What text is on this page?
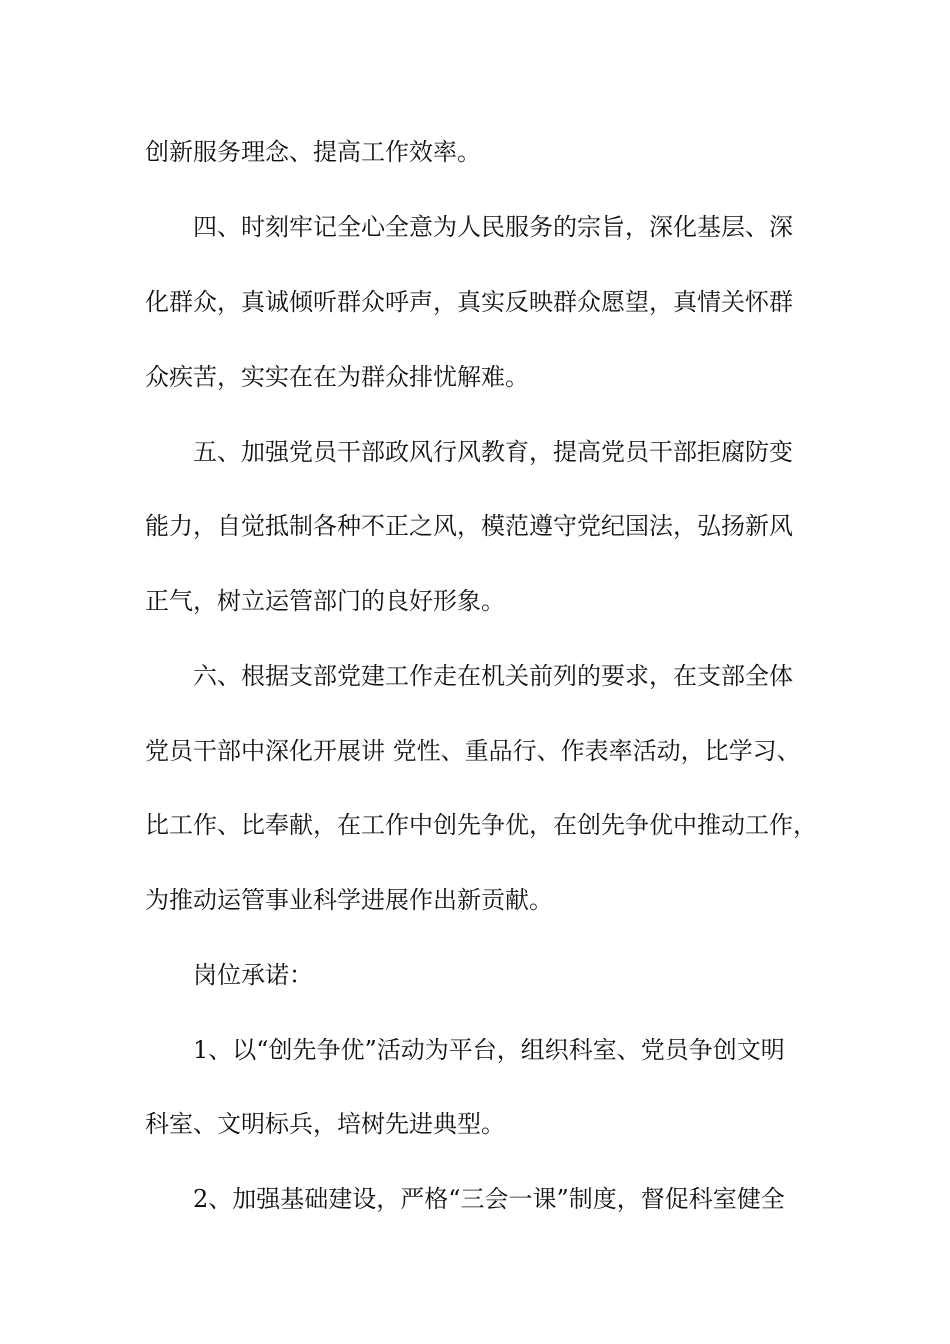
创新服务理念、提高工作效率。

四、时刻牢记全心全意为人民服务的宗旨，深化基层、深

化群众，真诚倾听群众呼声，真实反映群众愿望，真情关怀群

众疾苦，实实在在为群众排忧解难。

五、加强党员干部政风行风教育，提高党员干部拒腐防变

能力，自觉抵制各种不正之风，模范遵守党纪国法，弘扬新风

正气，树立运管部门的良好形象。

六、根据支部党建工作走在机关前列的要求，在支部全体

党员干部中深化开展讲 党性、重品行、作表率活动，比学习、

比工作、比奉献，在工作中创先争优，在创先争优中推动工作，

为推动运管事业科学进展作出新贡献。

岗位承诺：

1、以“创先争优”活动为平台，组织科室、党员争创文明

科室、文明标兵，培树先进典型。

2、加强基础建设，严格“三会一课”制度，督促科室健全
